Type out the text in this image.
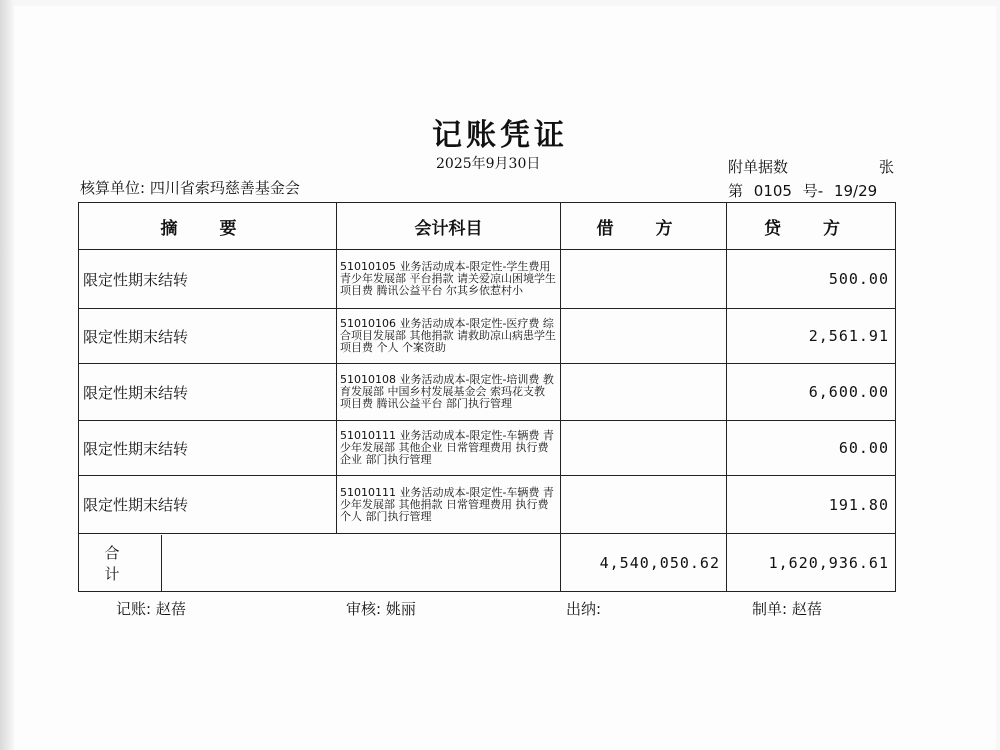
记账凭证
2025年9月30日
核算单位: 四川省索玛慈善基金会
附单据数	张
第 0105 号- 19/29
摘 要	会计科目	借 方	贷 方
限定性期末结转	51010105 业务活动成本-限定性-学生费用 青少年发展部 平台捐款 请关爱凉山困境学生 项目费 腾讯公益平台 尔其乡依惹村小		500.00
限定性期末结转	51010106 业务活动成本-限定性-医疗费 综合项目发展部 其他捐款 请救助凉山病患学生 项目费 个人 个案资助		2,561.91
限定性期末结转	51010108 业务活动成本-限定性-培训费 教育发展部 中国乡村发展基金会 索玛花支教 项目费 腾讯公益平台 部门执行管理		6,600.00
限定性期末结转	51010111 业务活动成本-限定性-车辆费 青少年发展部 其他企业 日常管理费用 执行费 企业 部门执行管理		60.00
限定性期末结转	51010111 业务活动成本-限定性-车辆费 青少年发展部 其他捐款 日常管理费用 执行费 个人 部门执行管理		191.80

合 计		4,540,050.62	1,620,936.61
记账: 赵蓓	审核: 姚丽	出纳:	制单: 赵蓓
